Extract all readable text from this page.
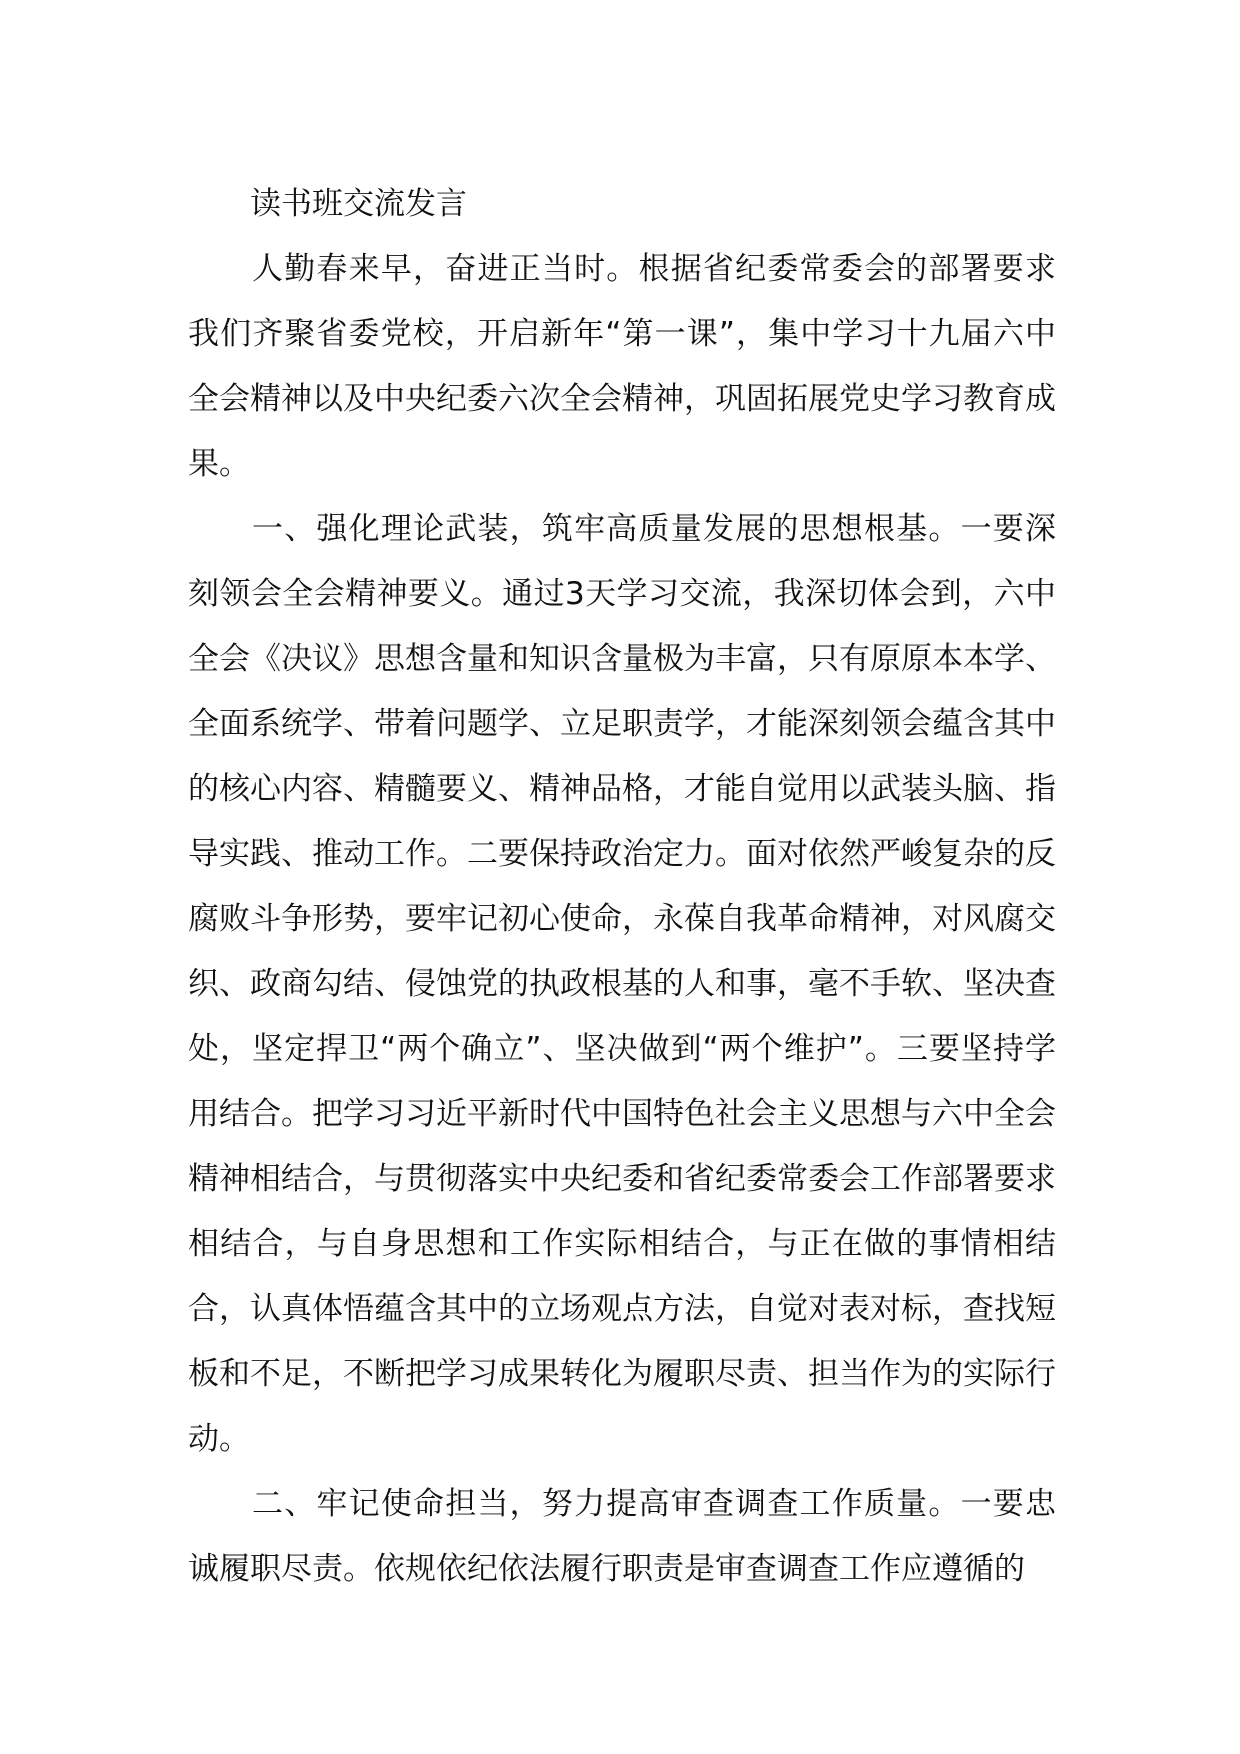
读书班交流发言

人勤春来早，奋进正当时。根据省纪委常委会的部署要求我们齐聚省委党校，开启新年“第一课”，集中学习十九届六中全会精神以及中央纪委六次全会精神，巩固拓展党史学习教育成果。

一、强化理论武装，筑牢高质量发展的思想根基。一要深刻领会全会精神要义。通过3天学习交流，我深切体会到，六中全会《决议》思想含量和知识含量极为丰富，只有原原本本学、全面系统学、带着问题学、立足职责学，才能深刻领会蕴含其中的核心内容、精髓要义、精神品格，才能自觉用以武装头脑、指导实践、推动工作。二要保持政治定力。面对依然严峻复杂的反腐败斗争形势，要牢记初心使命，永葆自我革命精神，对风腐交织、政商勾结、侵蚀党的执政根基的人和事，毫不手软、坚决查处，坚定捍卫“两个确立”、坚决做到“两个维护”。三要坚持学用结合。把学习习近平新时代中国特色社会主义思想与六中全会精神相结合，与贯彻落实中央纪委和省纪委常委会工作部署要求相结合，与自身思想和工作实际相结合，与正在做的事情相结合，认真体悟蕴含其中的立场观点方法，自觉对表对标，查找短板和不足，不断把学习成果转化为履职尽责、担当作为的实际行动。

二、牢记使命担当，努力提高审查调查工作质量。一要忠诚履职尽责。依规依纪依法履行职责是审查调查工作应遵循的
